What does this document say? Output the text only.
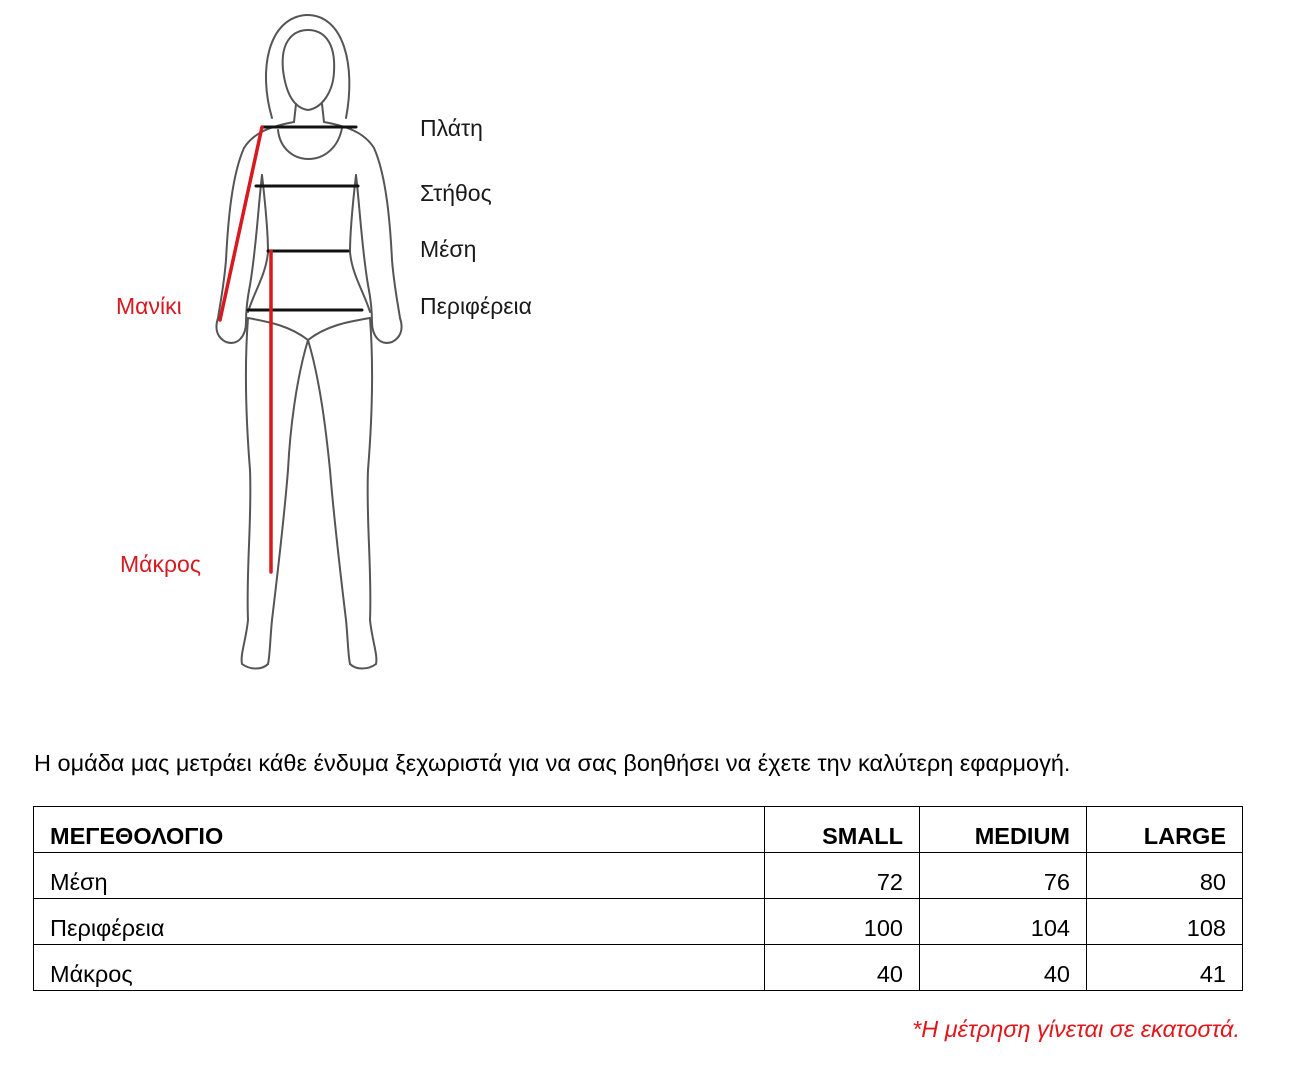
Πλάτη
Στήθος
Μέση
Περιφέρεια
Μανίκι
Μάκρος
Η ομάδα μας μετράει κάθε ένδυμα ξεχωριστά για να σας βοηθήσει να έχετε την καλύτερη εφαρμογή.
ΜΕΓΕΘΟΛΟΓΙΟ	SMALL	MEDIUM	LARGE
Μέση	72	76	80
Περιφέρεια	100	104	108
Μάκρος	40	40	41
*Η μέτρηση γίνεται σε εκατοστά.
